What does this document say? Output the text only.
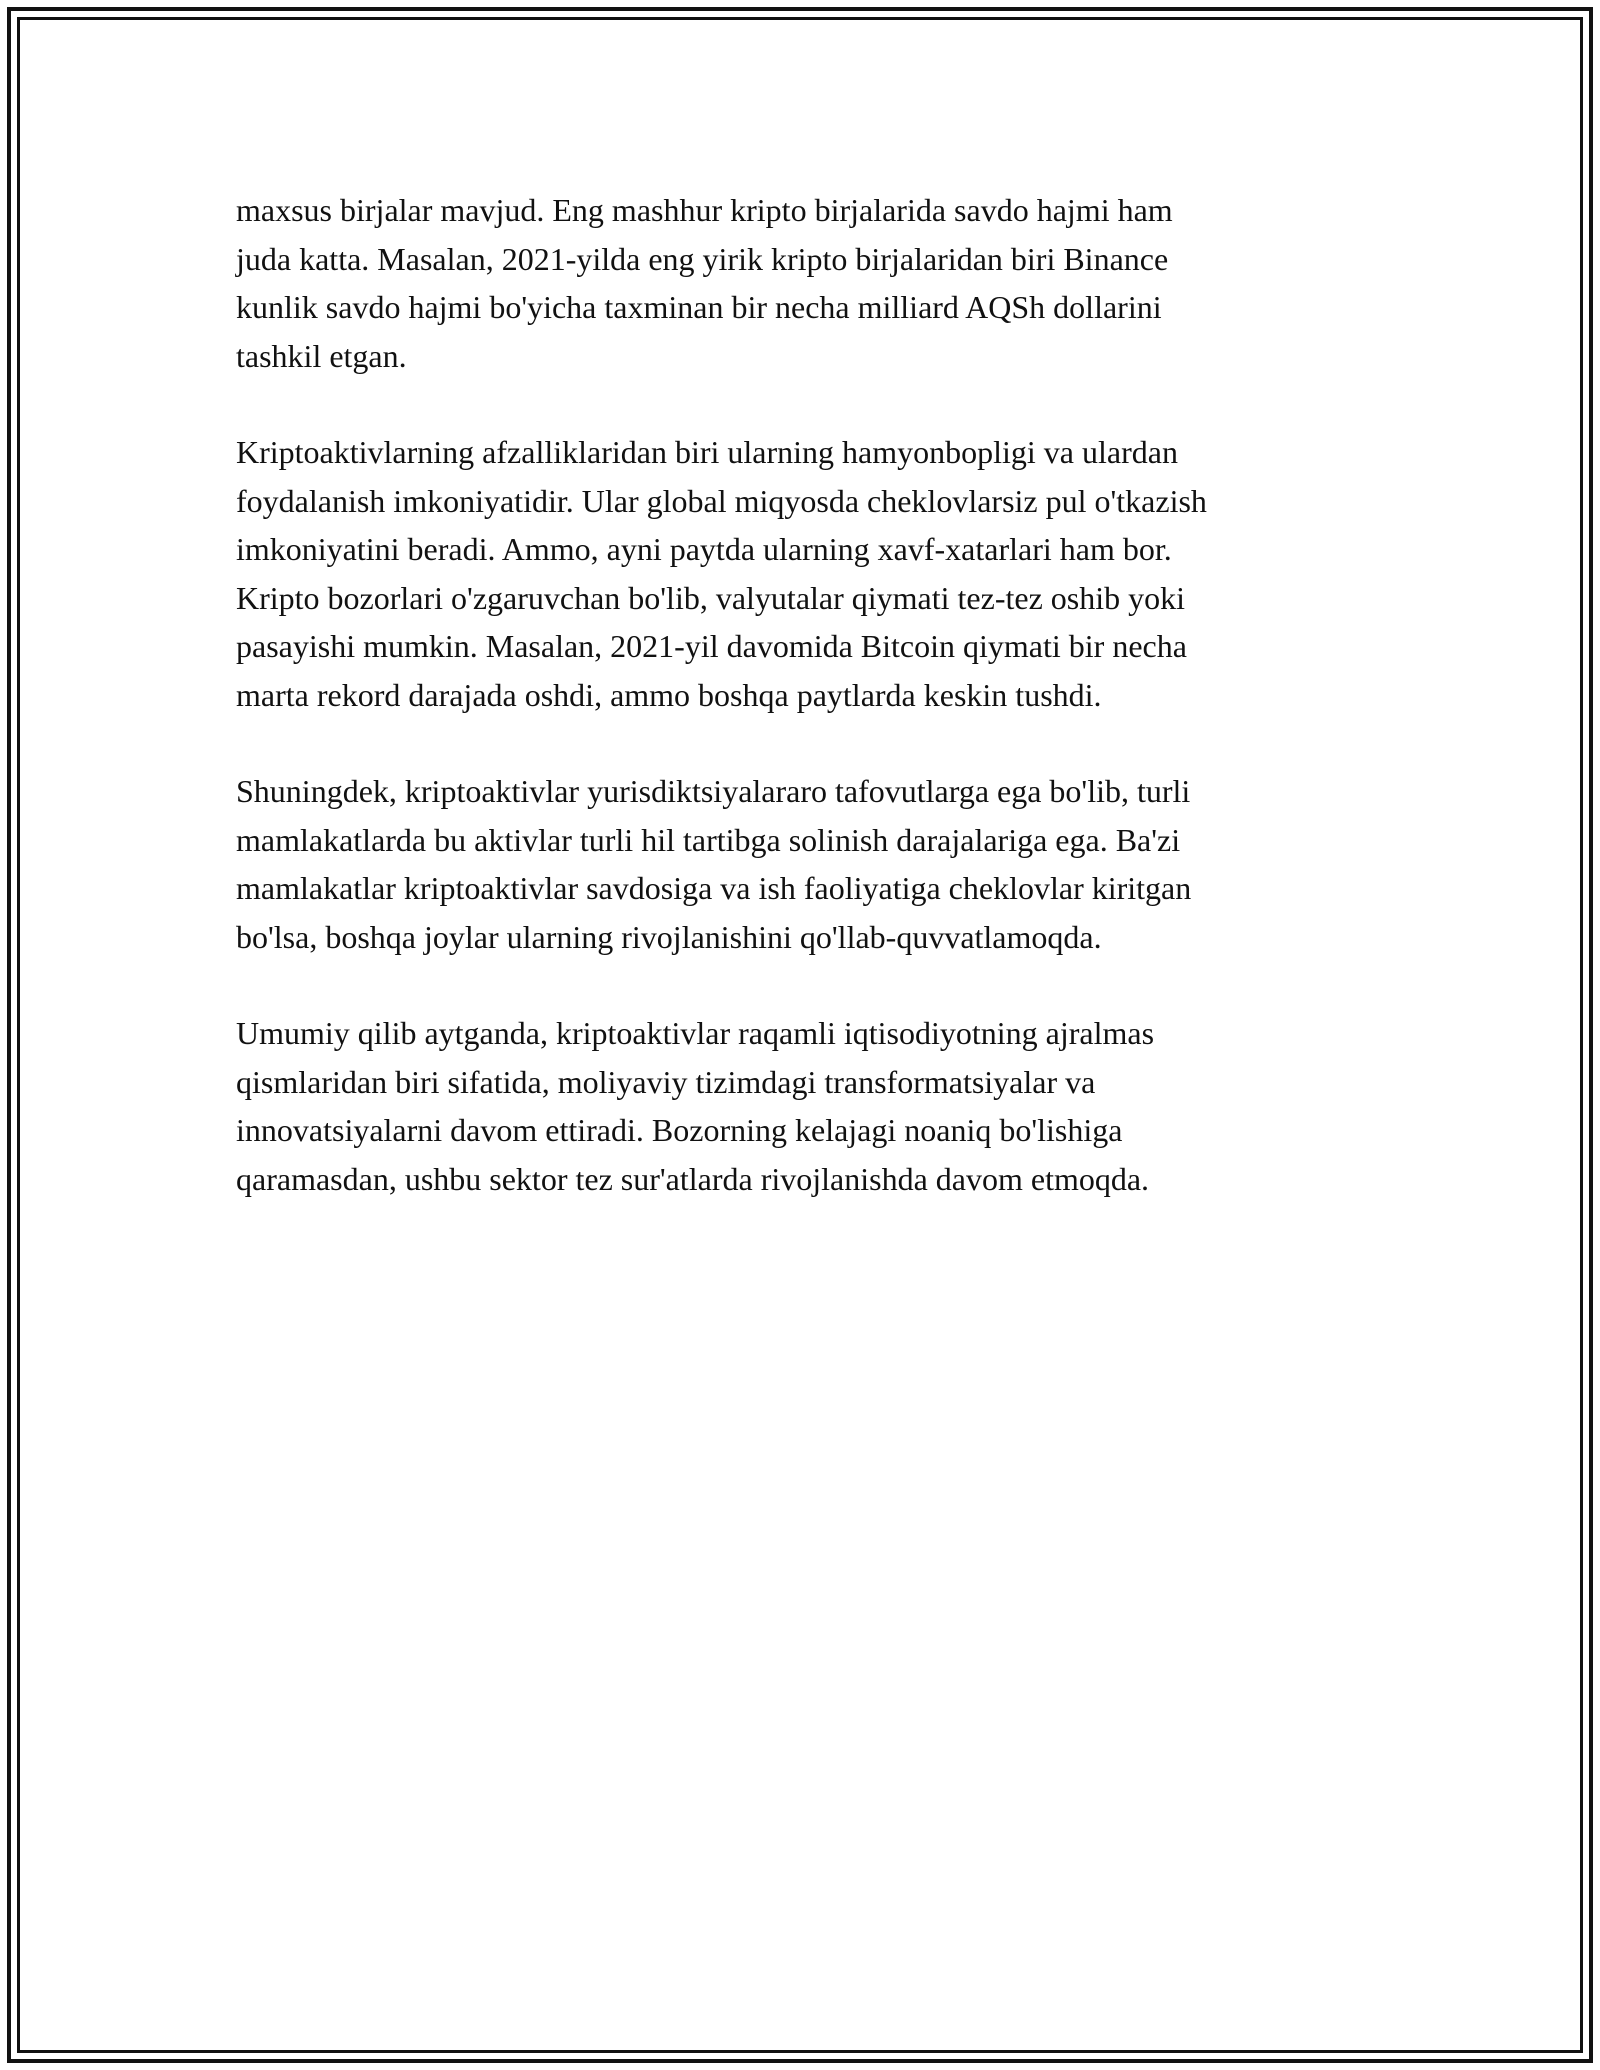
maxsus birjalar mavjud. Eng mashhur kripto birjalarida savdo hajmi ham
juda katta. Masalan, 2021-yilda eng yirik kripto birjalaridan biri Binance
kunlik savdo hajmi bo'yicha taxminan bir necha milliard AQSh dollarini
tashkil etgan.

Kriptoaktivlarning afzalliklaridan biri ularning hamyonbopligi va ulardan
foydalanish imkoniyatidir. Ular global miqyosda cheklovlarsiz pul o'tkazish
imkoniyatini beradi. Ammo, ayni paytda ularning xavf-xatarlari ham bor.
Kripto bozorlari o'zgaruvchan bo'lib, valyutalar qiymati tez-tez oshib yoki
pasayishi mumkin. Masalan, 2021-yil davomida Bitcoin qiymati bir necha
marta rekord darajada oshdi, ammo boshqa paytlarda keskin tushdi.

Shuningdek, kriptoaktivlar yurisdiktsiyalararo tafovutlarga ega bo'lib, turli
mamlakatlarda bu aktivlar turli hil tartibga solinish darajalariga ega. Ba'zi
mamlakatlar kriptoaktivlar savdosiga va ish faoliyatiga cheklovlar kiritgan
bo'lsa, boshqa joylar ularning rivojlanishini qo'llab-quvvatlamoqda.

Umumiy qilib aytganda, kriptoaktivlar raqamli iqtisodiyotning ajralmas
qismlaridan biri sifatida, moliyaviy tizimdagi transformatsiyalar va
innovatsiyalarni davom ettiradi. Bozorning kelajagi noaniq bo'lishiga
qaramasdan, ushbu sektor tez sur'atlarda rivojlanishda davom etmoqda.
